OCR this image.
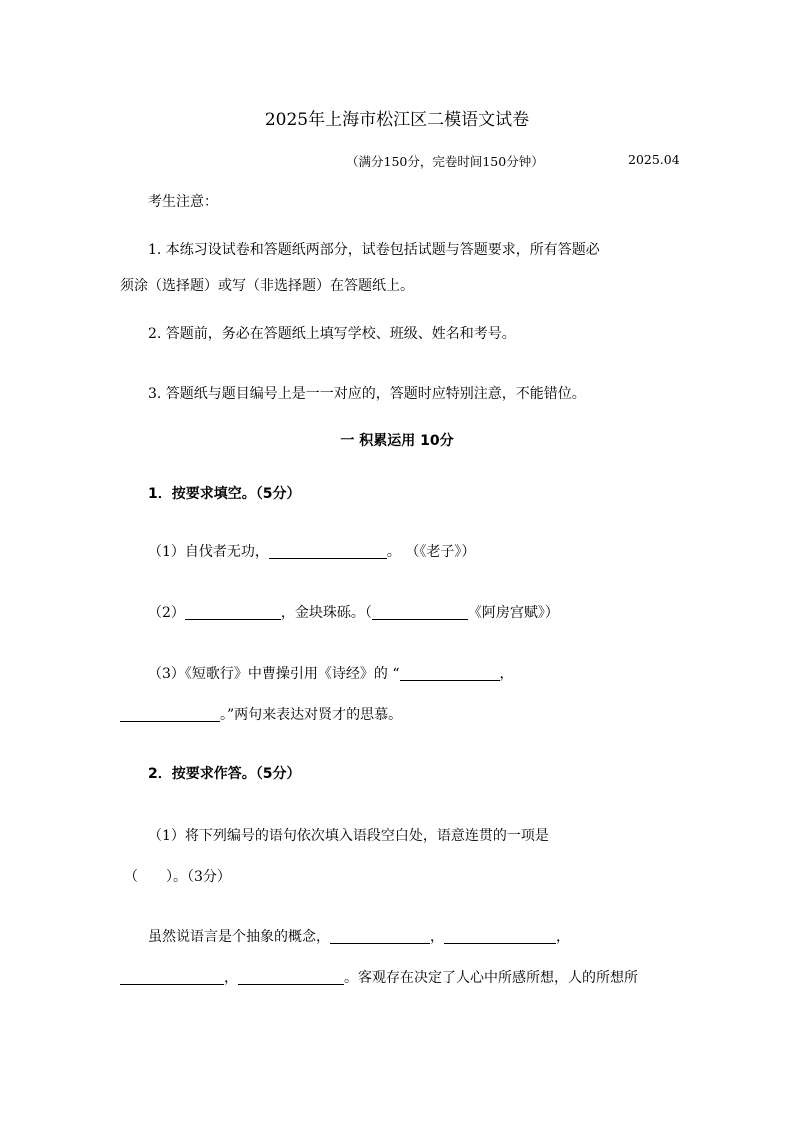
2025年上海市松江区二模语文试卷
（满分150分，完卷时间150分钟）	2025.04
考生注意：
1. 本练习设试卷和答题纸两部分，试卷包括试题与答题要求，所有答题必
须涂（选择题）或写（非选择题）在答题纸上。
2. 答题前，务必在答题纸上填写学校、班级、姓名和考号。
3. 答题纸与题目编号上是一一对应的，答题时应特别注意，不能错位。
一 积累运用 10分
1．按要求填空。（5分）
（1）自伐者无功，	。 （《老子》）
（2）	，金块珠砾。（	《阿房宫赋》）
（3）《短歌行》中曹操引用《诗经》的 “	，
。”两句来表达对贤才的思慕。
2．按要求作答。（5分）
（1）将下列编号的语句依次填入语段空白处，语意连贯的一项是
（　　）。（3分）
虽然说语言是个抽象的概念，	，	，
，	。客观存在决定了人心中所感所想，人的所想所
